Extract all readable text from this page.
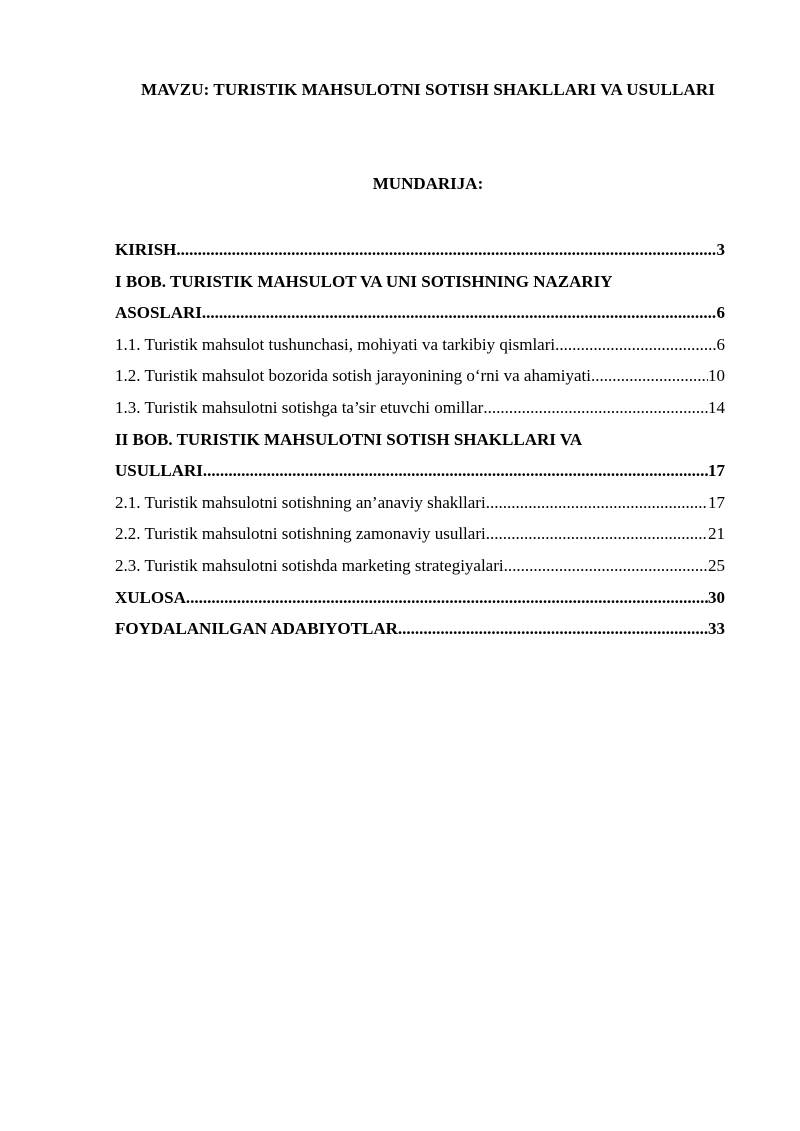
MAVZU: TURISTIK MAHSULOTNI SOTISH SHAKLLARI VA USULLARI
MUNDARIJA:
KIRISH .....	3
I BOB. TURISTIK MAHSULOT VA UNI SOTISHNING NAZARIY
ASOSLARI .....	6
1.1. Turistik mahsulot tushunchasi, mohiyati va tarkibiy qismlari .....	6
1.2. Turistik mahsulot bozorida sotish jarayonining o‘rni va ahamiyati .....	10
1.3. Turistik mahsulotni sotishga ta’sir etuvchi omillar .....	14
II BOB. TURISTIK MAHSULOTNI SOTISH SHAKLLARI VA
USULLARI .....	17
2.1. Turistik mahsulotni sotishning an’anaviy shakllari .....	17
2.2. Turistik mahsulotni sotishning zamonaviy usullari .....	21
2.3. Turistik mahsulotni sotishda marketing strategiyalari .....	25
XULOSA .....	30
FOYDALANILGAN ADABIYOTLAR .....	33
